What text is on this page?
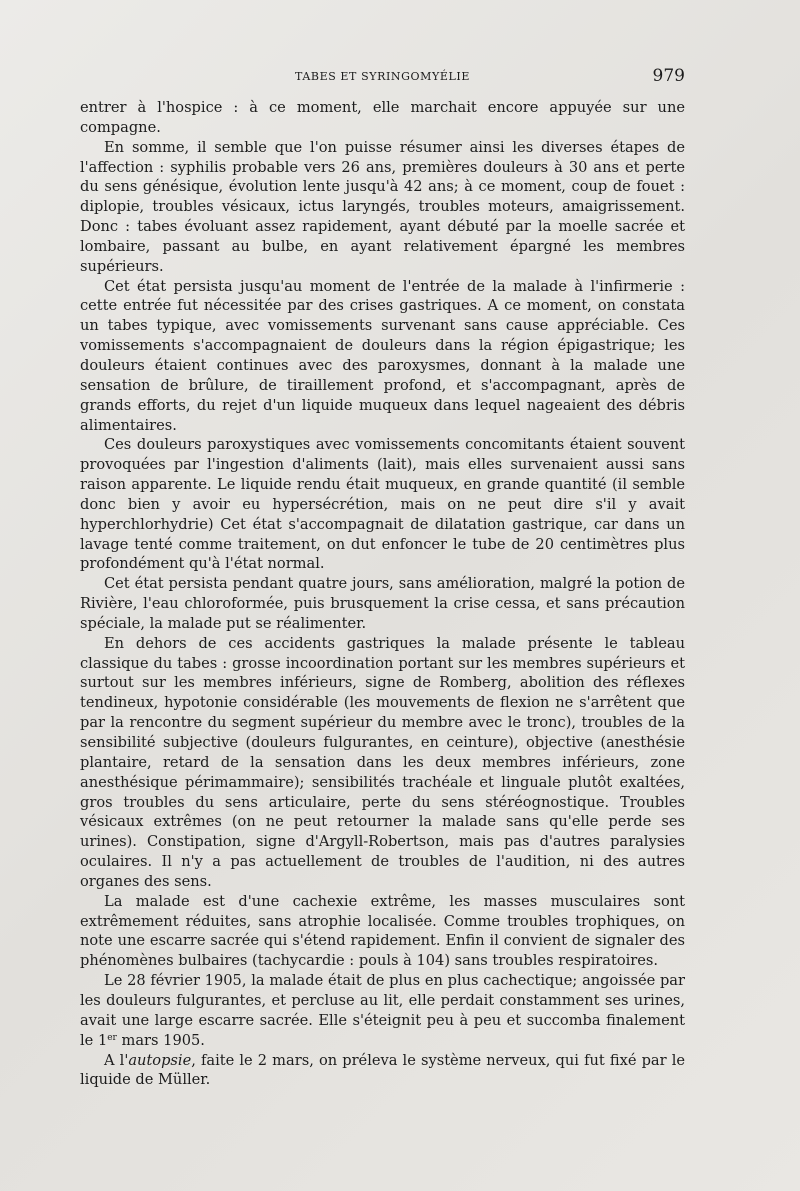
TABES ET SYRINGOMYÉLIE	979

entrer à l'hospice : à ce moment, elle marchait encore appuyée sur une compagne.

En somme, il semble que l'on puisse résumer ainsi les diverses étapes de l'affection : syphilis probable vers 26 ans, premières douleurs à 30 ans et perte du sens génésique, évolution lente jusqu'à 42 ans; à ce moment, coup de fouet : diplopie, troubles vésicaux, ictus laryngés, troubles moteurs, amaigrissement. Donc : tabes évoluant assez rapidement, ayant débuté par la moelle sacrée et lombaire, passant au bulbe, en ayant relativement épargné les membres supérieurs.

Cet état persista jusqu'au moment de l'entrée de la malade à l'infirmerie : cette entrée fut nécessitée par des crises gastriques. A ce moment, on constata un tabes typique, avec vomissements survenant sans cause appréciable. Ces vomissements s'accompagnaient de douleurs dans la région épigastrique; les douleurs étaient continues avec des paroxysmes, donnant à la malade une sensation de brûlure, de tiraillement profond, et s'accompagnant, après de grands efforts, du rejet d'un liquide muqueux dans lequel nageaient des débris alimentaires.

Ces douleurs paroxystiques avec vomissements concomitants étaient souvent provoquées par l'ingestion d'aliments (lait), mais elles survenaient aussi sans raison apparente. Le liquide rendu était muqueux, en grande quantité (il semble donc bien y avoir eu hypersécrétion, mais on ne peut dire s'il y avait hyperchlorhydrie) Cet état s'accompagnait de dilatation gastrique, car dans un lavage tenté comme traitement, on dut enfoncer le tube de 20 centimètres plus profondément qu'à l'état normal.

Cet état persista pendant quatre jours, sans amélioration, malgré la potion de Rivière, l'eau chloroformée, puis brusquement la crise cessa, et sans précaution spéciale, la malade put se réalimenter.

En dehors de ces accidents gastriques la malade présente le tableau classique du tabes : grosse incoordination portant sur les membres supérieurs et surtout sur les membres inférieurs, signe de Romberg, abolition des réflexes tendineux, hypotonie considérable (les mouvements de flexion ne s'arrêtent que par la rencontre du segment supérieur du membre avec le tronc), troubles de la sensibilité subjective (douleurs fulgurantes, en ceinture), objective (anesthésie plantaire, retard de la sensation dans les deux membres inférieurs, zone anesthésique périmammaire); sensibilités trachéale et linguale plutôt exaltées, gros troubles du sens articulaire, perte du sens stéréognostique. Troubles vésicaux extrêmes (on ne peut retourner la malade sans qu'elle perde ses urines). Constipation, signe d'Argyll-Robertson, mais pas d'autres paralysies oculaires. Il n'y a pas actuellement de troubles de l'audition, ni des autres organes des sens.

La malade est d'une cachexie extrême, les masses musculaires sont extrêmement réduites, sans atrophie localisée. Comme troubles trophiques, on note une escarre sacrée qui s'étend rapidement. Enfin il convient de signaler des phénomènes bulbaires (tachycardie : pouls à 104) sans troubles respiratoires.

Le 28 février 1905, la malade était de plus en plus cachectique; angoissée par les douleurs fulgurantes, et percluse au lit, elle perdait constamment ses urines, avait une large escarre sacrée. Elle s'éteignit peu à peu et succomba finalement le 1er mars 1905.

A l'autopsie, faite le 2 mars, on préleva le système nerveux, qui fut fixé par le liquide de Müller.
